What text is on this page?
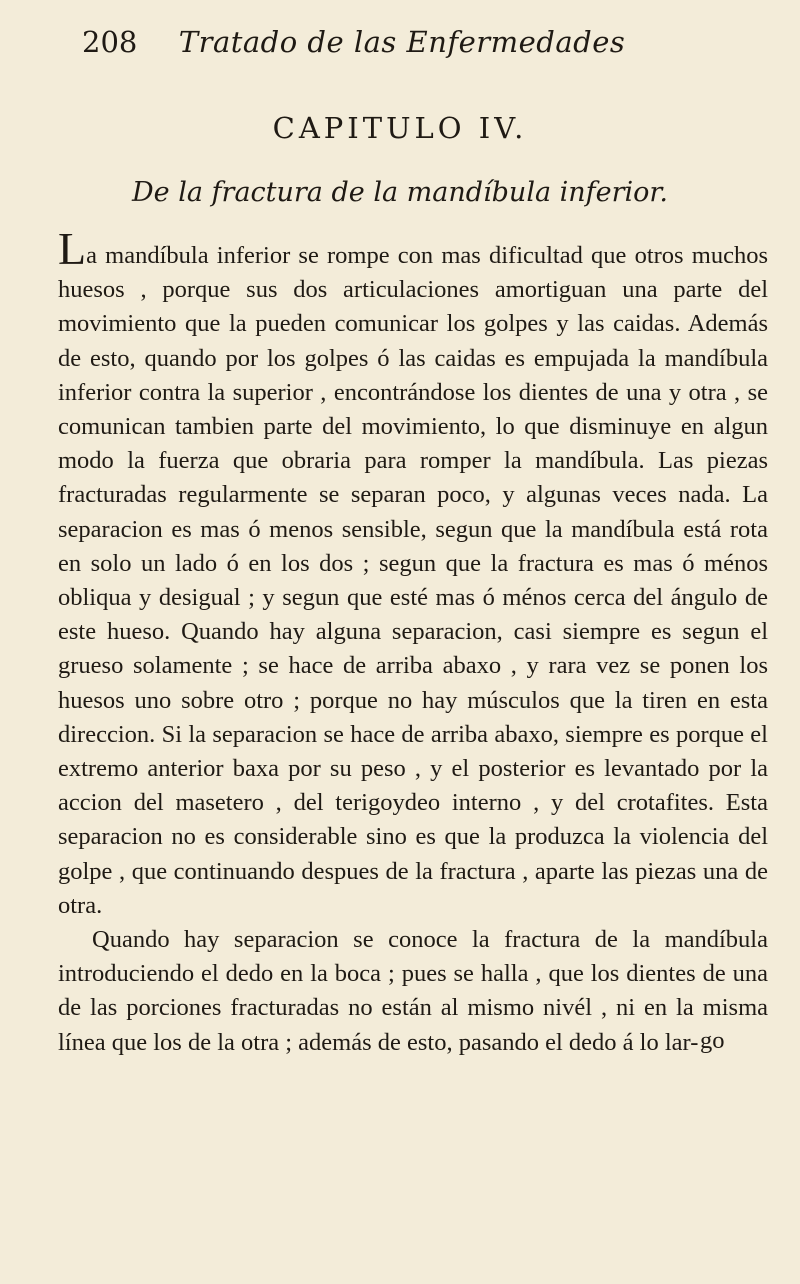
208	Tratado de las Enfermedades
CAPITULO IV.
De la fractura de la mandíbula inferior.

La mandíbula inferior se rompe con mas dificultad que otros muchos huesos , porque sus dos articulaciones amortiguan una parte del movimiento que la pueden comunicar los golpes y las caidas. Además de esto, quando por los golpes ó las caidas es empujada la mandíbula inferior contra la superior , encontrándose los dientes de una y otra , se comunican tambien parte del movimiento, lo que disminuye en algun modo la fuerza que obraria para romper la mandíbula. Las piezas fracturadas regularmente se separan poco, y algunas veces nada. La separacion es mas ó menos sensible, segun que la mandíbula está rota en solo un lado ó en los dos ; segun que la fractura es mas ó ménos obliqua y desigual ; y segun que esté mas ó ménos cerca del ángulo de este hueso. Quando hay alguna separacion, casi siempre es segun el grueso solamente ; se hace de arriba abaxo , y rara vez se ponen los huesos uno sobre otro ; porque no hay músculos que la tiren en esta direccion. Si la separacion se hace de arriba abaxo, siempre es porque el extremo anterior baxa por su peso , y el posterior es levantado por la accion del masetero , del terigoydeo interno , y del crotafites. Esta separacion no es considerable sino es que la produzca la violencia del golpe , que continuando despues de la fractura , aparte las piezas una de otra.

Quando hay separacion se conoce la fractura de la mandíbula introduciendo el dedo en la boca ; pues se halla , que los dientes de una de las porciones fracturadas no están al mismo nivél , ni en la misma línea que los de la otra ; además de esto, pasando el dedo á lo lar- go
